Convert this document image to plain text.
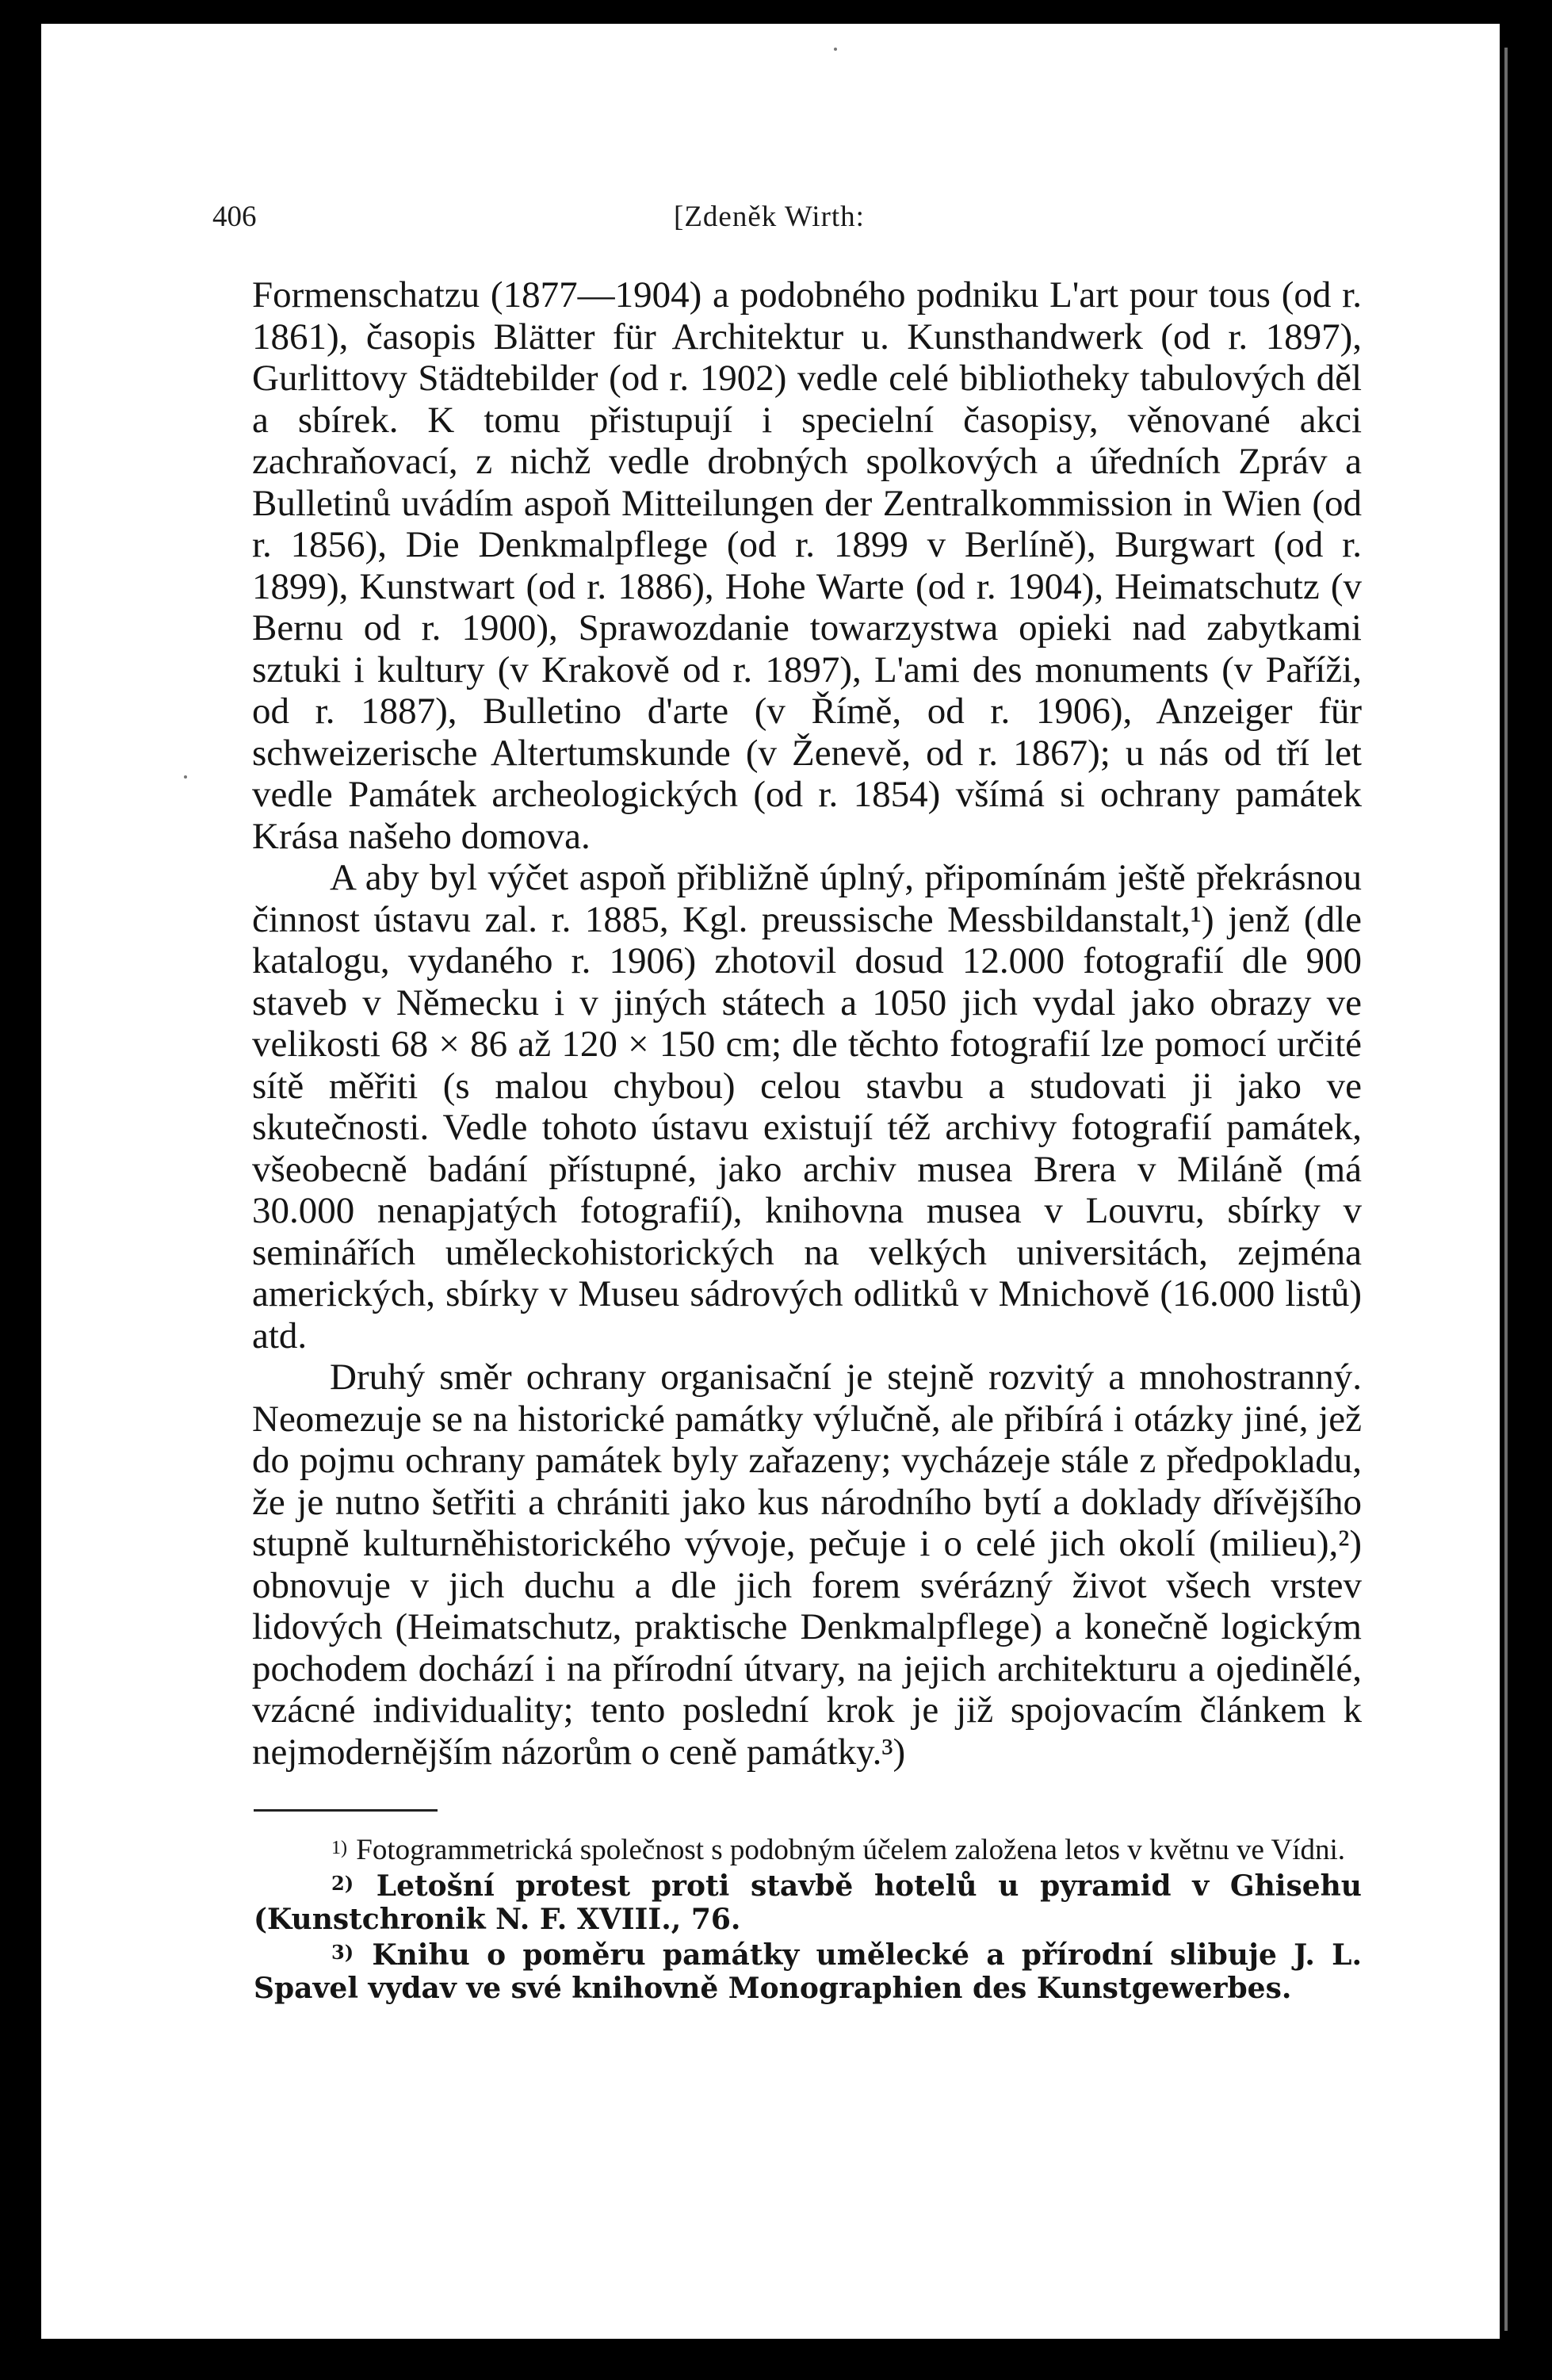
406	[Zdeněk Wirth:

Formenschatzu (1877—1904) a podobného podniku L'art pour tous (od r. 1861), časopis Blätter für Architektur u. Kunsthandwerk (od r. 1897), Gurlittovy Städtebilder (od r. 1902) vedle celé bibliotheky tabulových děl a sbírek. K tomu přistupují i specielní časopisy, věnované akci zachraňovací, z nichž vedle drobných spolkových a úředních Zpráv a Bulletinů uvádím aspoň Mitteilungen der Zentralkommission in Wien (od r. 1856), Die Denkmalpflege (od r. 1899 v Berlíně), Burgwart (od r. 1899), Kunstwart (od r. 1886), Hohe Warte (od r. 1904), Heimatschutz (v Bernu od r. 1900), Sprawozdanie towarzystwa opieki nad zabytkami sztuki i kultury (v Krakově od r. 1897), L'ami des monuments (v Paříži, od r. 1887), Bulletino d'arte (v Římě, od r. 1906), Anzeiger für schweizerische Altertumskunde (v Ženevě, od r. 1867); u nás od tří let vedle Památek archeologických (od r. 1854) všímá si ochrany památek Krása našeho domova.

A aby byl výčet aspoň přibližně úplný, připomínám ještě překrásnou činnost ústavu zal. r. 1885, Kgl. preussische Messbildanstalt,¹) jenž (dle katalogu, vydaného r. 1906) zhotovil dosud 12.000 fotografií dle 900 staveb v Německu i v jiných státech a 1050 jich vydal jako obrazy ve velikosti 68 × 86 až 120 × 150 cm; dle těchto fotografií lze pomocí určité sítě měřiti (s malou chybou) celou stavbu a studovati ji jako ve skutečnosti. Vedle tohoto ústavu existují též archivy fotografií památek, všeobecně badání přístupné, jako archiv musea Brera v Miláně (má 30.000 nenapjatých fotografií), knihovna musea v Louvru, sbírky v seminářích uměleckohistorických na velkých universitách, zejména amerických, sbírky v Museu sádrových odlitků v Mnichově (16.000 listů) atd.

Druhý směr ochrany organisační je stejně rozvitý a mnohostranný. Neomezuje se na historické památky výlučně, ale přibírá i otázky jiné, jež do pojmu ochrany památek byly zařazeny; vycházeje stále z předpokladu, že je nutno šetřiti a chrániti jako kus národního bytí a doklady dřívějšího stupně kulturněhistorického vývoje, pečuje i o celé jich okolí (milieu),²) obnovuje v jich duchu a dle jich forem svérázný život všech vrstev lidových (Heimatschutz, praktische Denkmalpflege) a konečně logickým pochodem dochází i na přírodní útvary, na jejich architekturu a ojedinělé, vzácné individuality; tento poslední krok je již spojovacím článkem k nejmodernějším názorům o ceně památky.³)

1) Fotogrammetrická společnost s podobným účelem založena letos v květnu ve Vídni.

2) Letošní protest proti stavbě hotelů u pyramid v Ghisehu (Kunstchronik N. F. XVIII., 76.

3) Knihu o poměru památky umělecké a přírodní slibuje J. L. Spavel vydav ve své knihovně Monographien des Kunstgewerbes.
